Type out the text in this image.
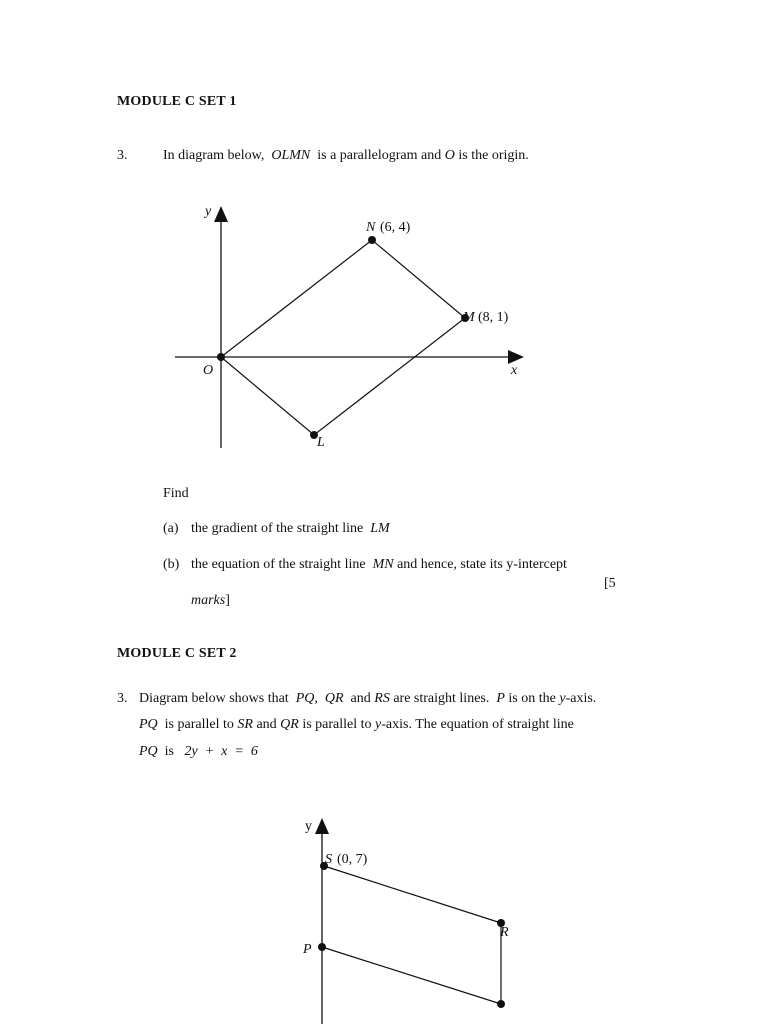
MODULE C SET 1
3.	In diagram below, OLMN is a parallelogram and O is the origin.
y
x
O
N (6, 4)
M (8, 1)
L
Find
(a) the gradient of the straight line LM
(b) the equation of the straight line MN and hence, state its y-intercept
[5
marks]
MODULE C SET 2
3. Diagram below shows that PQ, QR and RS are straight lines. P is on the y-axis.
PQ is parallel to SR and QR is parallel to y-axis. The equation of straight line
PQ is 2y  +  x  =  6
y
S (0, 7)
P
R
